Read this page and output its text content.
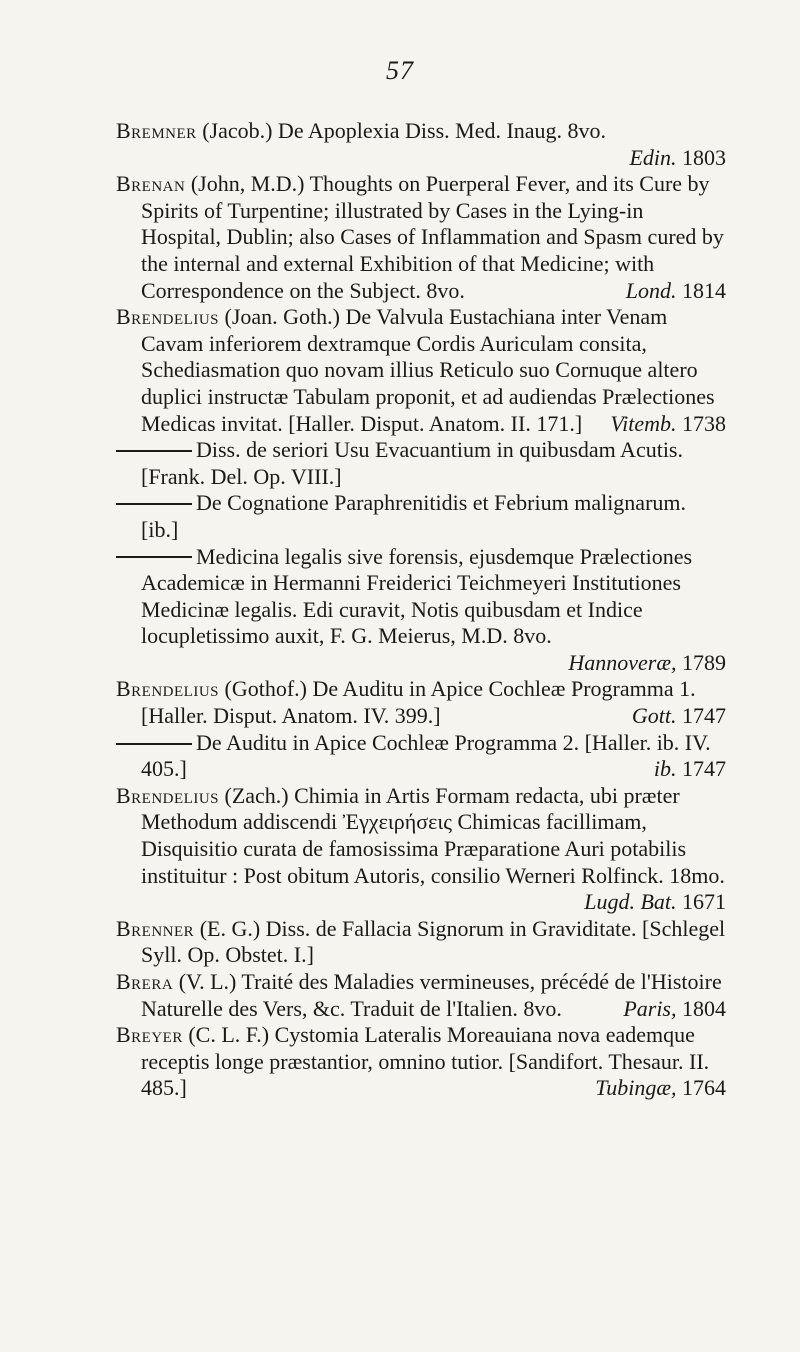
57
Bremner (Jacob.) De Apoplexia Diss. Med. Inaug. 8vo.
Edin. 1803
Brenan (John, M.D.) Thoughts on Puerperal Fever, and its Cure by Spirits of Turpentine; illustrated by Cases in the Lying-in Hospital, Dublin; also Cases of Inflammation and Spasm cured by the internal and external Exhibition of that Medicine; with Correspondence on the Subject. 8vo.	Lond. 1814
Brendelius (Joan. Goth.) De Valvula Eustachiana inter Venam Cavam inferiorem dextramque Cordis Auriculam consita, Schediasmation quo novam illius Reticulo suo Cornuque altero duplici instructæ Tabulam proponit, et ad audiendas Prælectiones Medicas invitat. [Haller. Disput. Anatom. II. 171.] Vitemb. 1738
Diss. de seriori Usu Evacuantium in quibusdam Acutis. [Frank. Del. Op. VIII.]
De Cognatione Paraphrenitidis et Febrium malignarum. [ib.]
Medicina legalis sive forensis, ejusdemque Prælectiones Academicæ in Hermanni Freiderici Teichmeyeri Institutiones Medicinæ legalis. Edi curavit, Notis quibusdam et Indice locupletissimo auxit, F. G. Meierus, M.D. 8vo.
Hannoveræ, 1789
Brendelius (Gothof.) De Auditu in Apice Cochleæ Programma 1. [Haller. Disput. Anatom. IV. 399.]	Gott. 1747
De Auditu in Apice Cochleæ Programma 2. [Haller. ib. IV. 405.]	ib. 1747
Brendelius (Zach.) Chimia in Artis Formam redacta, ubi præter Methodum addiscendi Ἐγχειρήσεις Chimicas facillimam, Disquisitio curata de famosissima Præparatione Auri potabilis instituitur : Post obitum Autoris, consilio Werneri Rolfinck. 18mo.
Lugd. Bat. 1671
Brenner (E. G.) Diss. de Fallacia Signorum in Graviditate. [Schlegel Syll. Op. Obstet. I.]
Brera (V. L.) Traité des Maladies vermineuses, précédé de l'Histoire Naturelle des Vers, &c. Traduit de l'Italien. 8vo.	Paris, 1804
Breyer (C. L. F.) Cystomia Lateralis Moreauiana nova eademque receptis longe præstantior, omnino tutior. [Sandifort. Thesaur. II. 485.]	Tubingæ, 1764
